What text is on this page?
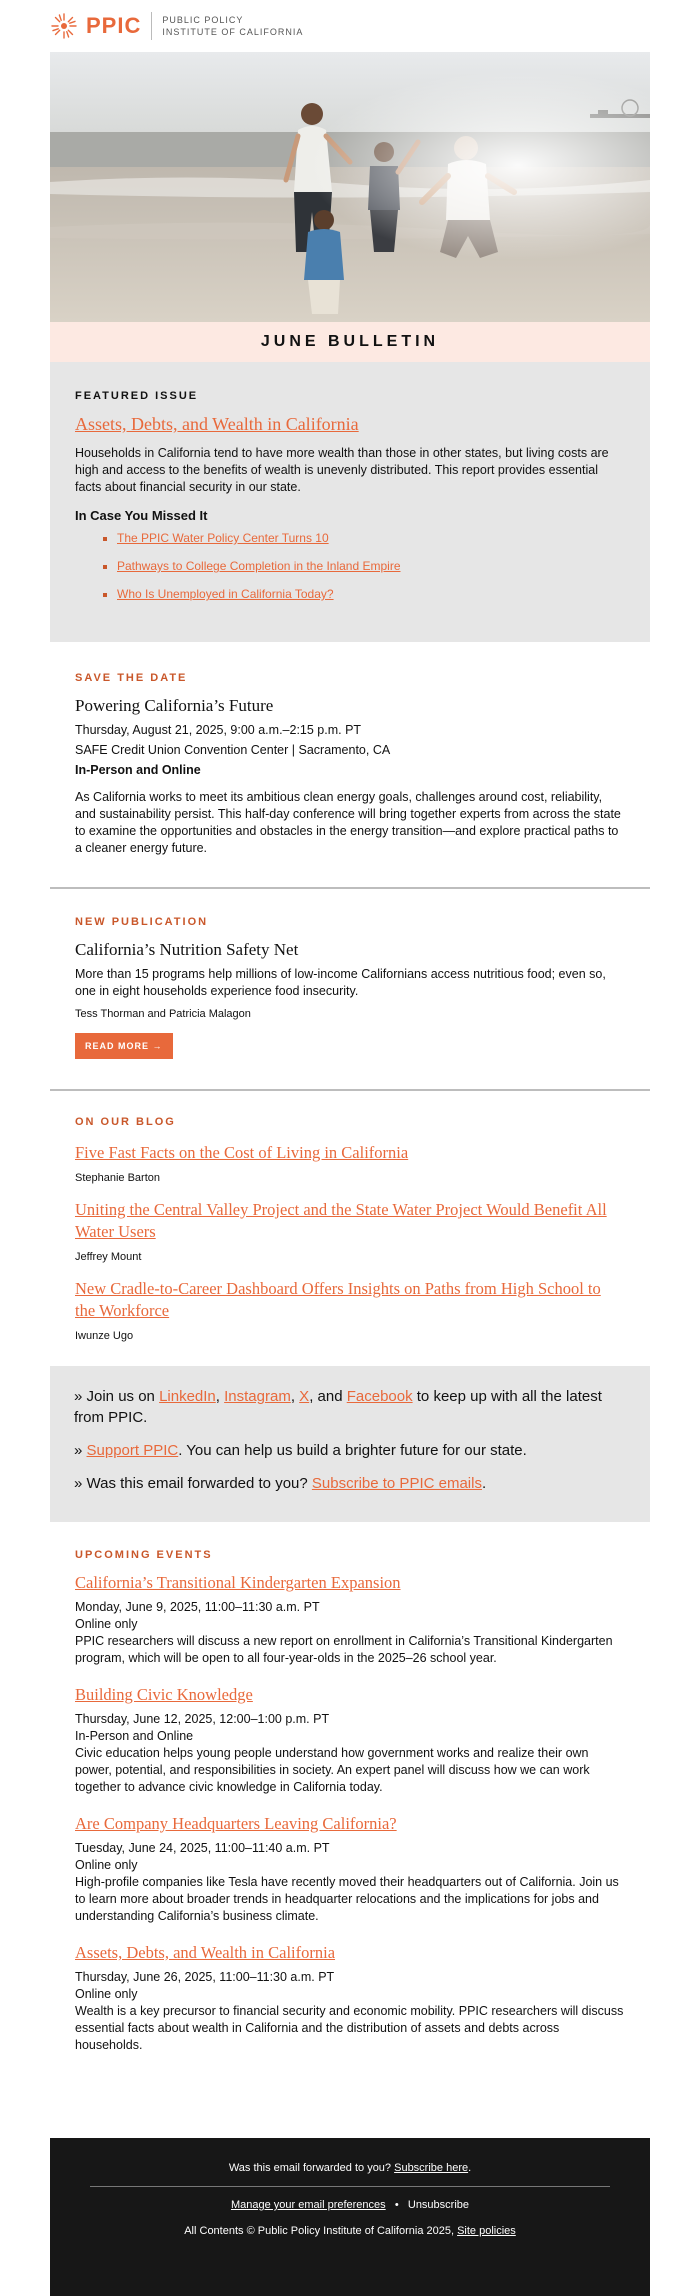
PPIC PUBLIC POLICY
INSTITUTE OF CALIFORNIA
JUNE BULLETIN
FEATURED ISSUE
Assets, Debts, and Wealth in California

Households in California tend to have more wealth than those in other states, but living costs are high and access to the benefits of wealth is unevenly distributed. This report provides essential facts about financial security in our state.

In Case You Missed It
▪ The PPIC Water Policy Center Turns 10
▪ Pathways to College Completion in the Inland Empire
▪ Who Is Unemployed in California Today?
SAVE THE DATE
Powering California’s Future

Thursday, August 21, 2025, 9:00 a.m.–2:15 p.m. PT

SAFE Credit Union Convention Center | Sacramento, CA

In-Person and Online

As California works to meet its ambitious clean energy goals, challenges around cost, reliability, and sustainability persist. This half-day conference will bring together experts from across the state to examine the opportunities and obstacles in the energy transition—and explore practical paths to a cleaner energy future.

NEW PUBLICATION
California’s Nutrition Safety Net

More than 15 programs help millions of low-income Californians access nutritious food; even so, one in eight households experience food insecurity.

Tess Thorman and Patricia Malagon

READ MORE →
ON OUR BLOG
Five Fast Facts on the Cost of Living in California

Stephanie Barton

Uniting the Central Valley Project and the State Water Project Would Benefit All Water Users

Jeffrey Mount

New Cradle-to-Career Dashboard Offers Insights on Paths from High School to the Workforce

Iwunze Ugo

» Join us on LinkedIn, Instagram, X, and Facebook to keep up with all the latest from PPIC.

» Support PPIC. You can help us build a brighter future for our state.

» Was this email forwarded to you? Subscribe to PPIC emails.

UPCOMING EVENTS
California’s Transitional Kindergarten Expansion

Monday, June 9, 2025, 11:00–11:30 a.m. PT

Online only

PPIC researchers will discuss a new report on enrollment in California’s Transitional Kindergarten program, which will be open to all four-year-olds in the 2025–26 school year.

Building Civic Knowledge

Thursday, June 12, 2025, 12:00–1:00 p.m. PT

In-Person and Online

Civic education helps young people understand how government works and realize their own power, potential, and responsibilities in society. An expert panel will discuss how we can work together to advance civic knowledge in California today.

Are Company Headquarters Leaving California?

Tuesday, June 24, 2025, 11:00–11:40 a.m. PT

Online only

High-profile companies like Tesla have recently moved their headquarters out of California. Join us to learn more about broader trends in headquarter relocations and the implications for jobs and understanding California’s business climate.

Assets, Debts, and Wealth in California

Thursday, June 26, 2025, 11:00–11:30 a.m. PT

Online only

Wealth is a key precursor to financial security and economic mobility. PPIC researchers will discuss essential facts about wealth in California and the distribution of assets and debts across households.

Was this email forwarded to you? Subscribe here.

Manage your email preferences • Unsubscribe

All Contents © Public Policy Institute of California 2025, Site policies
